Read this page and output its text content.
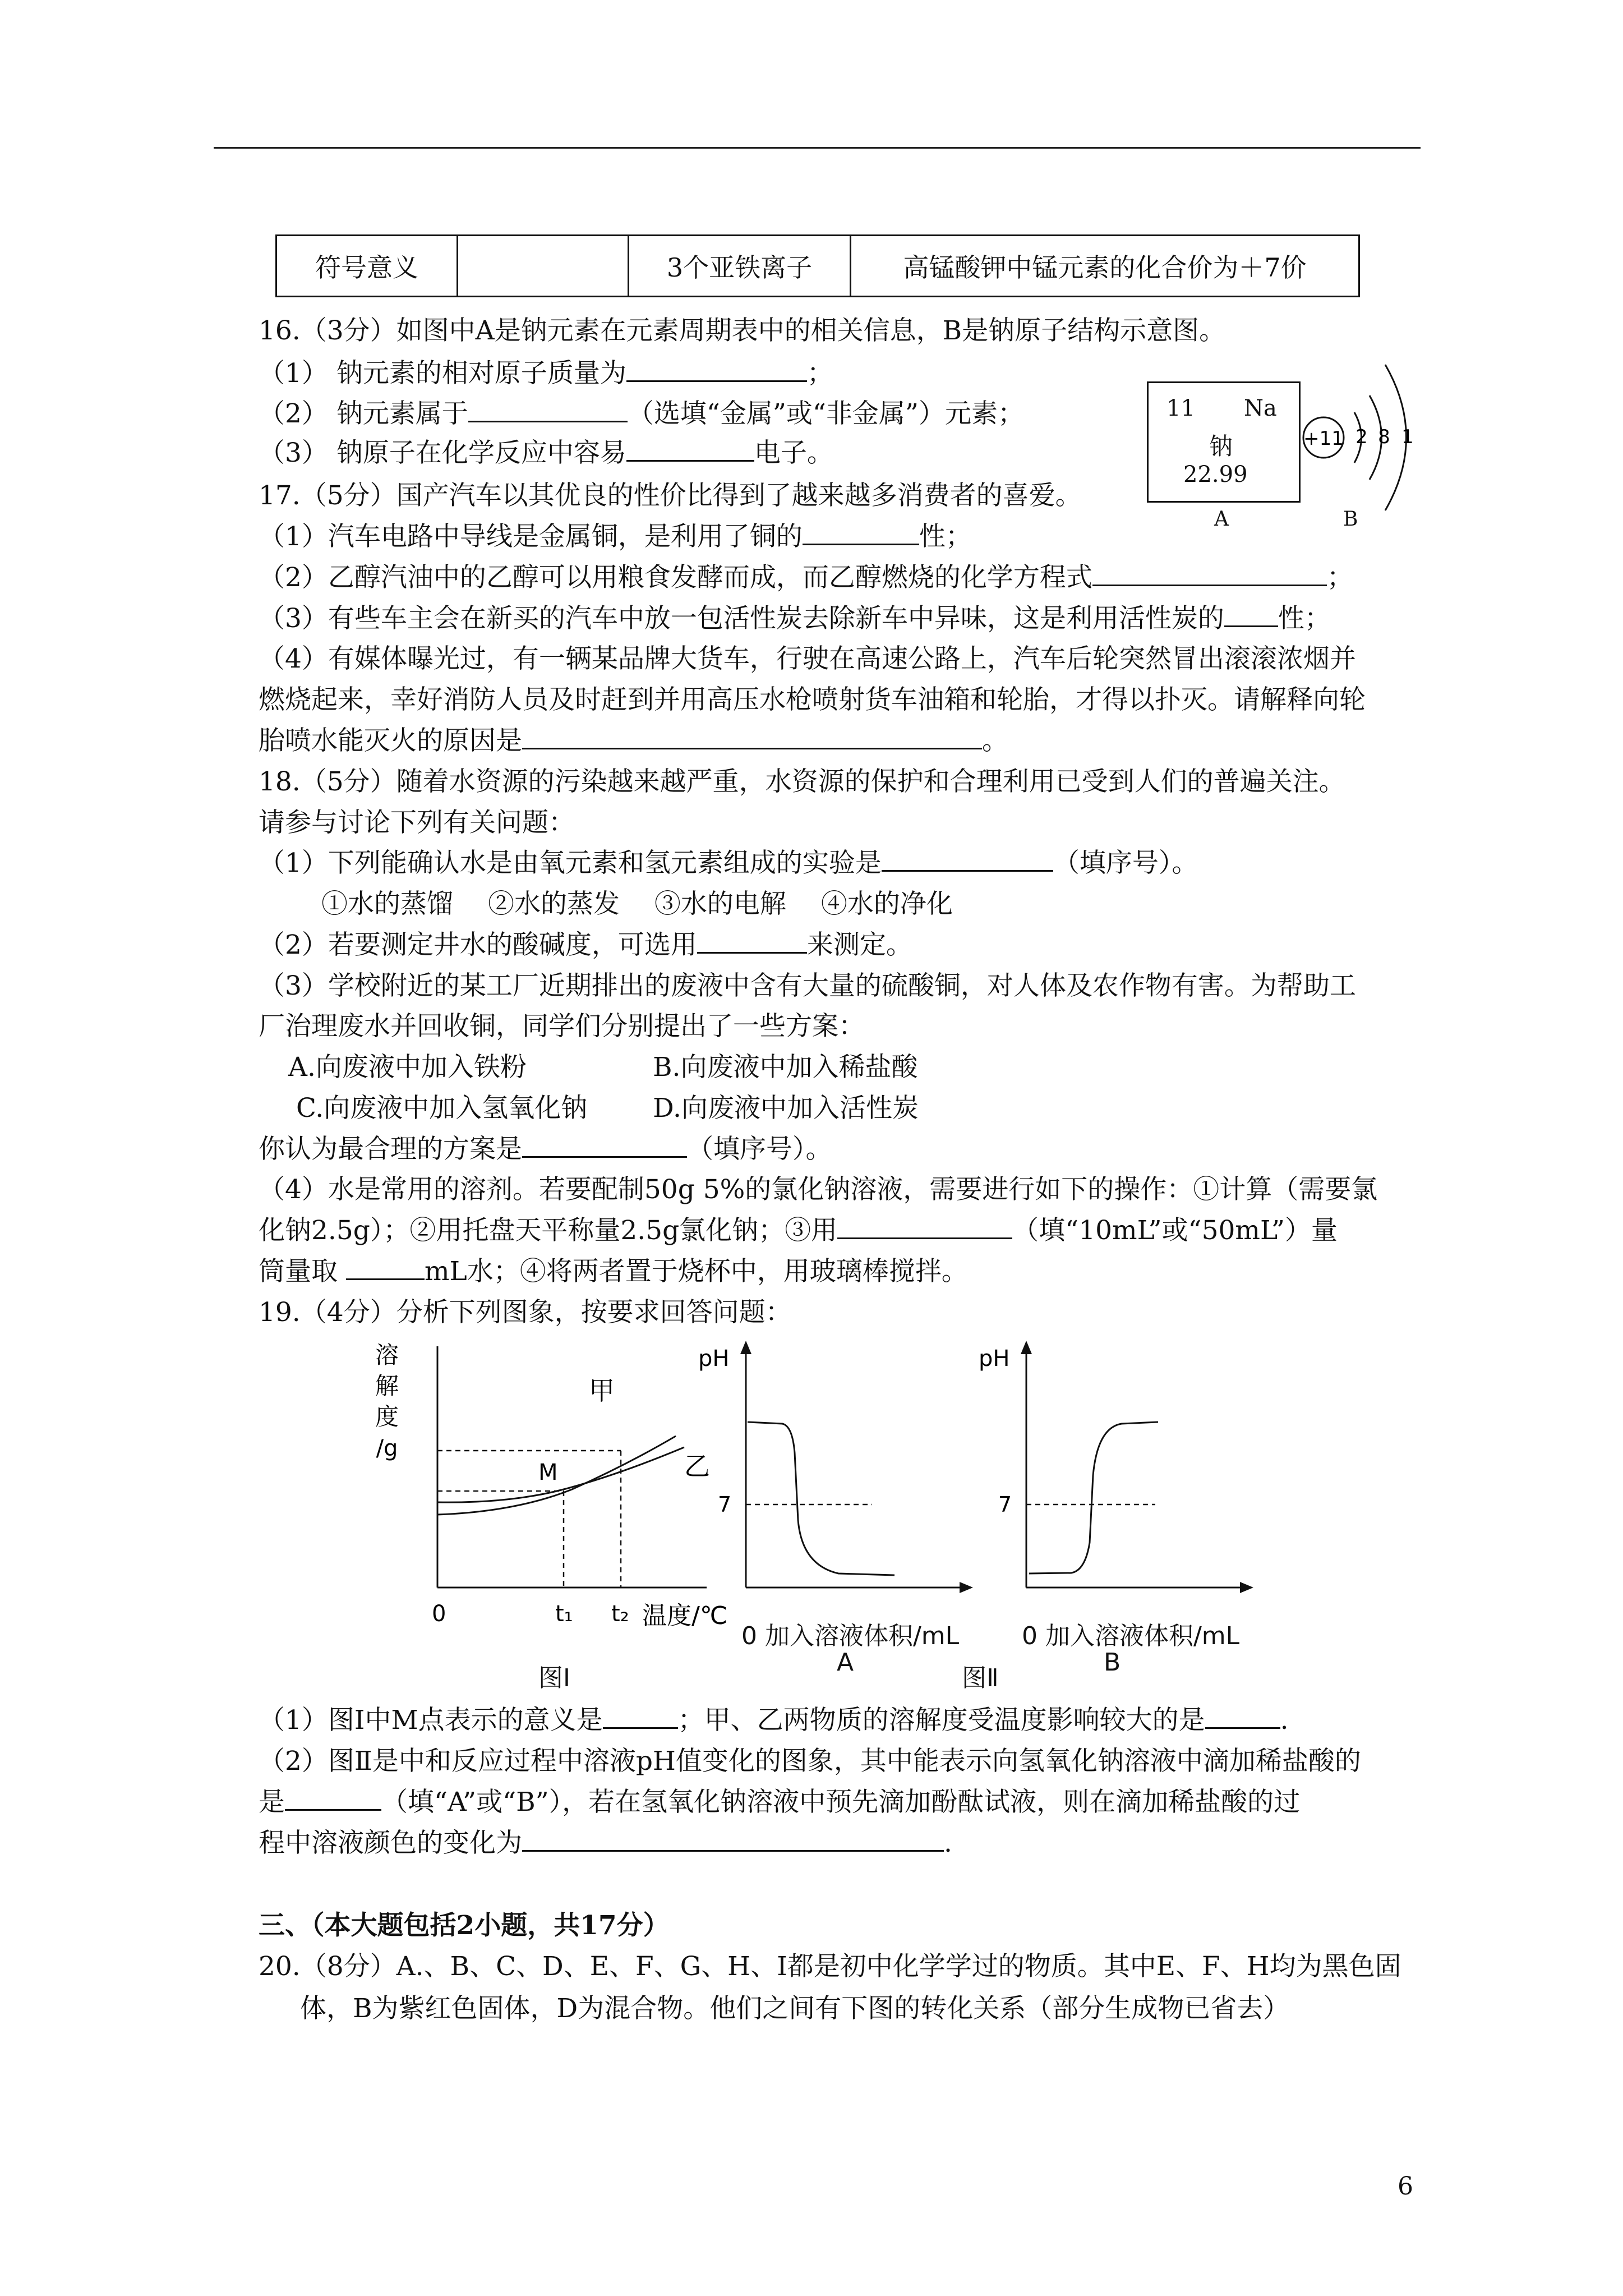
符号意义		3个亚铁离子	高锰酸钾中锰元素的化合价为＋7价
16.（3分）如图中A是钠元素在元素周期表中的相关信息，B是钠原子结构示意图。
（1） 钠元素的相对原子质量为	；
（2） 钠元素属于	（选填“金属”或“非金属”）元素；
（3） 钠原子在化学反应中容易	电子。
11 Na
钠
22.99
A
+11 2 8 1
B
17.（5分）国产汽车以其优良的性价比得到了越来越多消费者的喜爱。
（1）汽车电路中导线是金属铜，是利用了铜的	性；
（2）乙醇汽油中的乙醇可以用粮食发酵而成，而乙醇燃烧的化学方程式	；
（3）有些车主会在新买的汽车中放一包活性炭去除新车中异味，这是利用活性炭的 性；
（4）有媒体曝光过，有一辆某品牌大货车，行驶在高速公路上，汽车后轮突然冒出滚滚浓烟并
燃烧起来，幸好消防人员及时赶到并用高压水枪喷射货车油箱和轮胎，才得以扑灭。请解释向轮
胎喷水能灭火的原因是	。
18.（5分）随着水资源的污染越来越严重，水资源的保护和合理利用已受到人们的普遍关注。
请参与讨论下列有关问题：
（1）下列能确认水是由氧元素和氢元素组成的实验是	（填序号）。
①水的蒸馏　 ②水的蒸发　 ③水的电解　 ④水的净化
（2）若要测定井水的酸碱度，可选用	来测定。
（3）学校附近的某工厂近期排出的废液中含有大量的硫酸铜，对人体及农作物有害。为帮助工
厂治理废水并回收铜，同学们分别提出了一些方案：
A.向废液中加入铁粉	B.向废液中加入稀盐酸
C.向废液中加入氢氧化钠 D.向废液中加入活性炭
你认为最合理的方案是	（填序号）。
（4）水是常用的溶剂。若要配制50g 5%的氯化钠溶液，需要进行如下的操作：①计算（需要氯
化钠2.5g）；②用托盘天平称量2.5g氯化钠；③用	（填“10mL”或“50mL”）量
筒量取	mL水；④将两者置于烧杯中，用玻璃棒搅拌。
19.（4分）分析下列图象，按要求回答问题：
溶
解
度
/g
甲
乙
M
0	t₁ t₂ 温度/℃
图Ⅰ
pH
7
pH
7
0 加入溶液体积/mL	0 加入溶液体积/mL
A	B
图Ⅱ
（1）图Ⅰ中M点表示的意义是	；甲、乙两物质的溶解度受温度影响较大的是	.
（2）图Ⅱ是中和反应过程中溶液pH值变化的图象，其中能表示向氢氧化钠溶液中滴加稀盐酸的
是	（填“A”或“B”），若在氢氧化钠溶液中预先滴加酚酞试液，则在滴加稀盐酸的过
程中溶液颜色的变化为	.
三、（本大题包括2小题，共17分）
20.（8分）A.、B、C、D、E、F、G、H、I都是初中化学学过的物质。其中E、F、H均为黑色固
体，B为紫红色固体，D为混合物。他们之间有下图的转化关系（部分生成物已省去）
6
